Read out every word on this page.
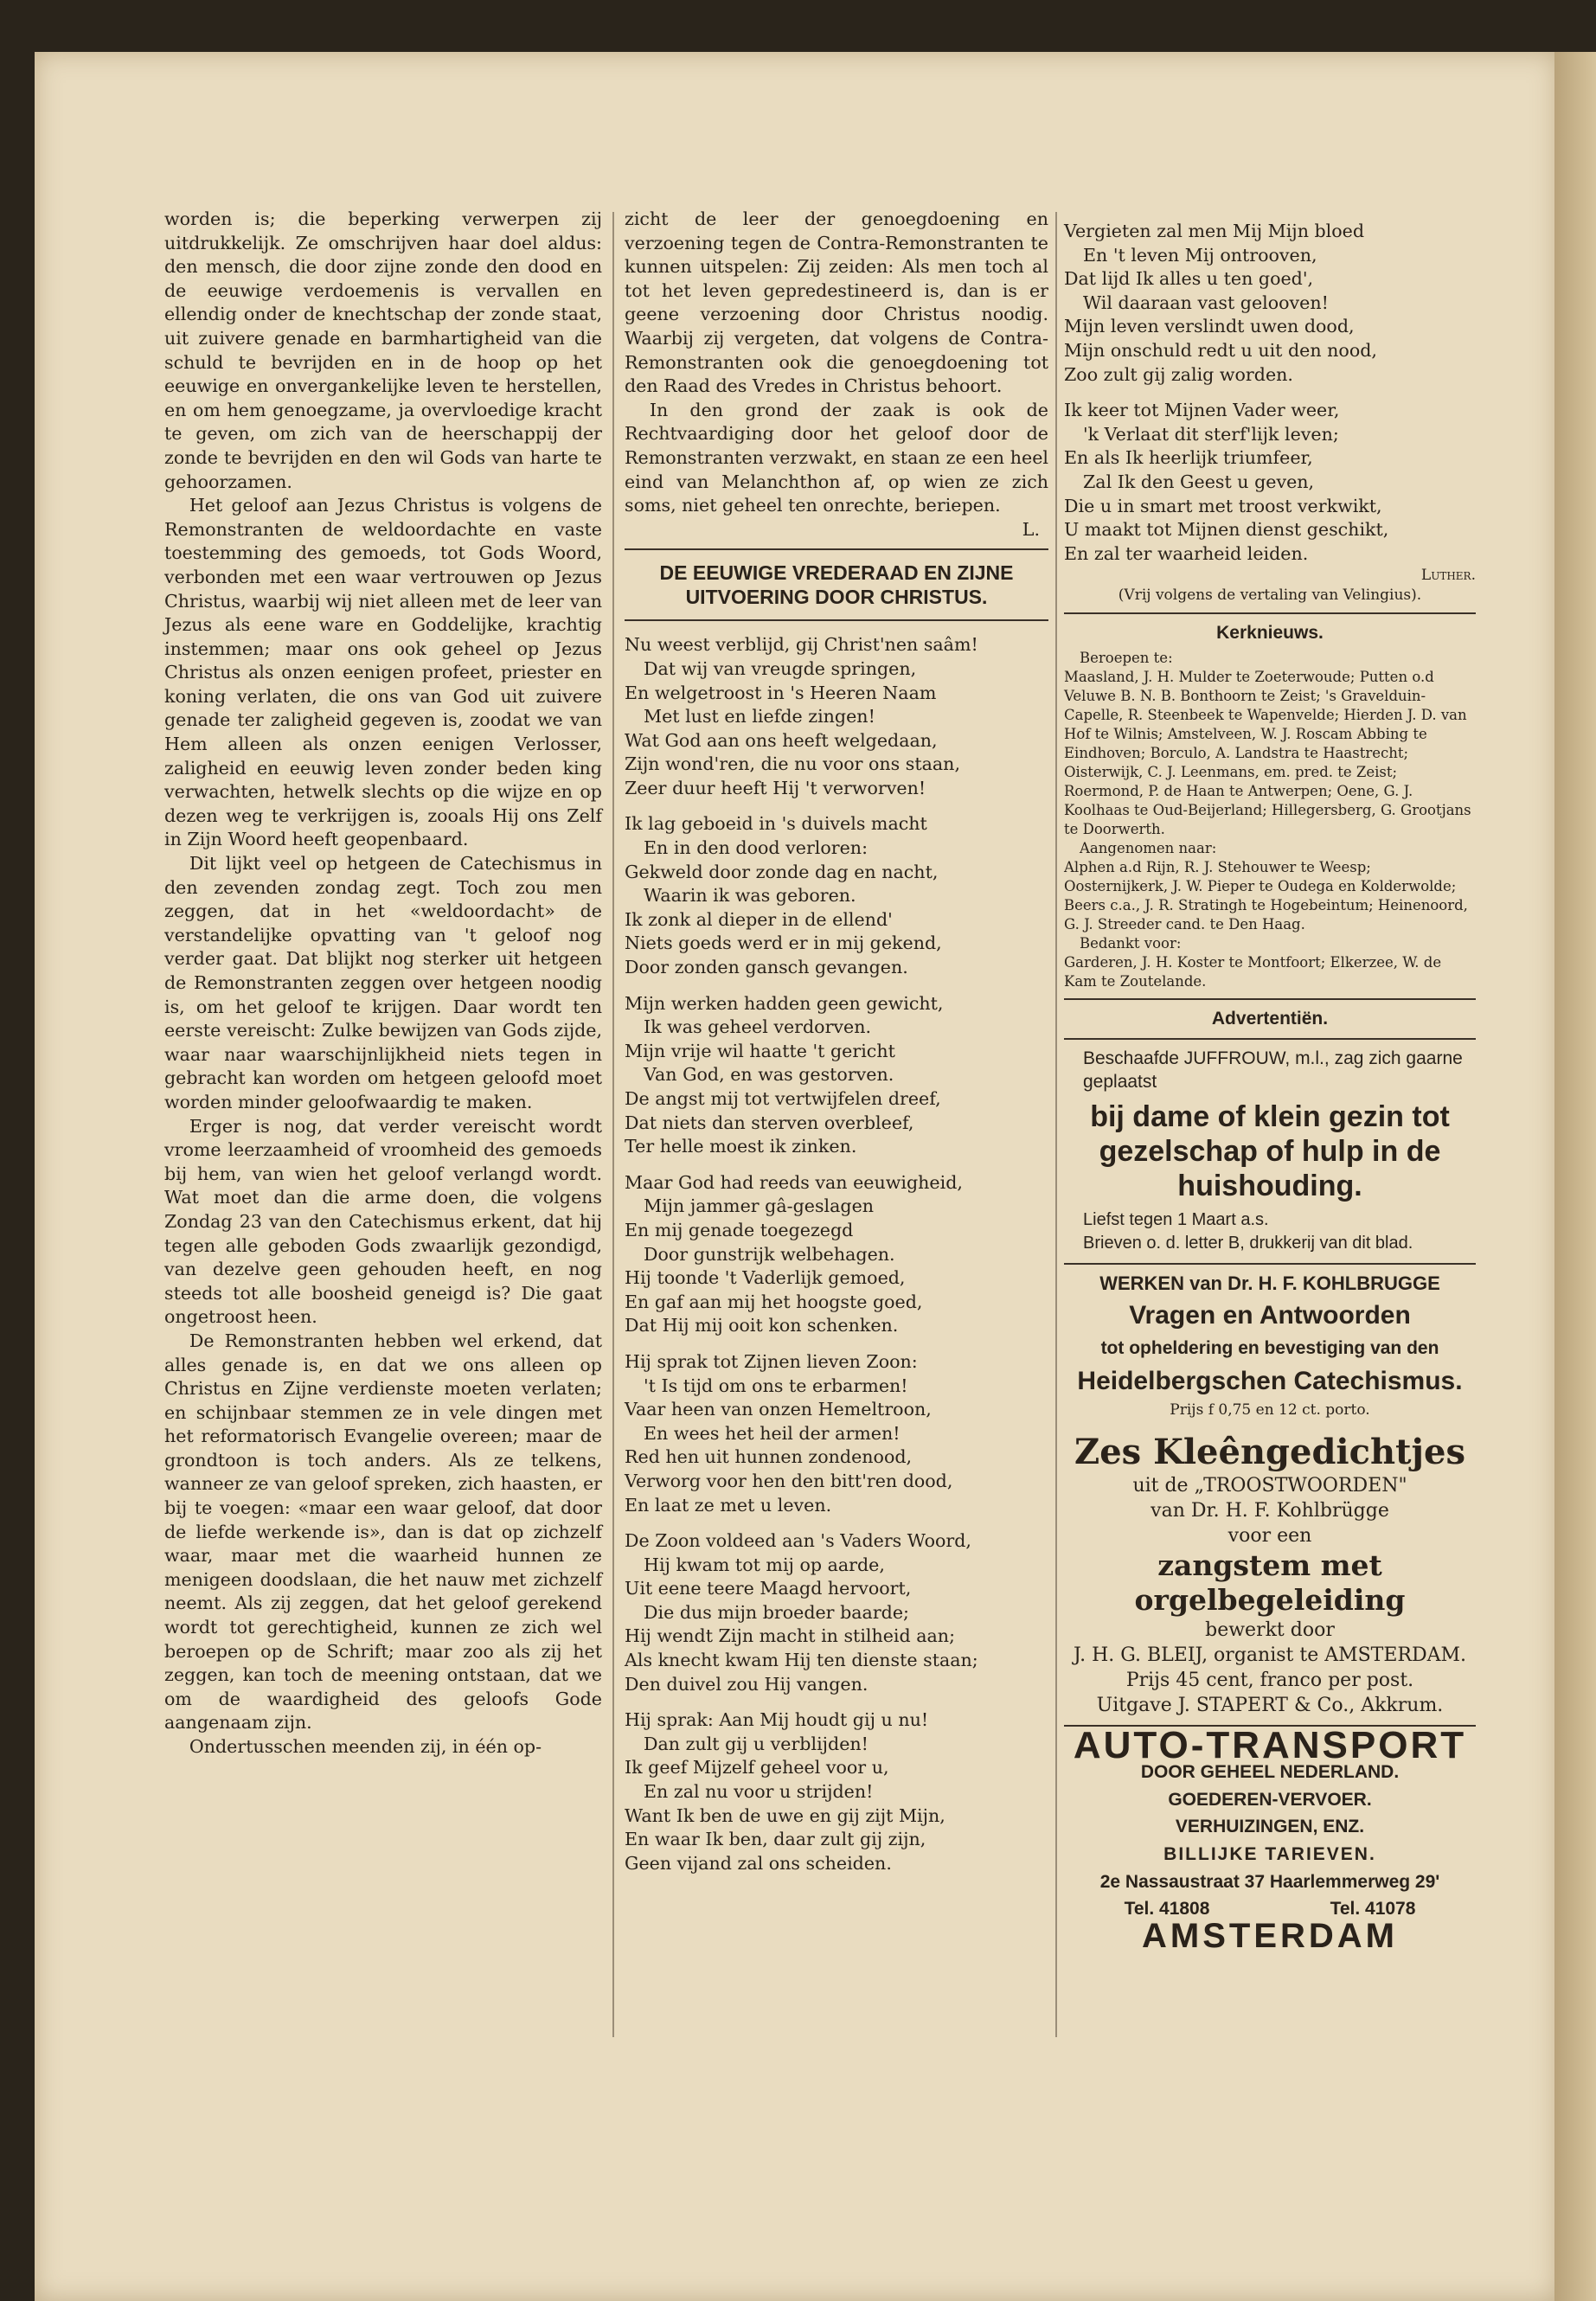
worden is; die beperking verwerpen zij uitdrukkelijk. Ze omschrijven haar doel aldus: den mensch, die door zijne zonde den dood en de eeuwige verdoemenis is vervallen en ellendig onder de knechtschap der zonde staat, uit zuivere genade en barmhartigheid van die schuld te bevrijden en in de hoop op het eeuwige en onvergankelijke leven te herstellen, en om hem genoegzame, ja overvloedige kracht te geven, om zich van de heerschappij der zonde te bevrijden en den wil Gods van harte te gehoorzamen.

Het geloof aan Jezus Christus is volgens de Remonstranten de weldoordachte en vaste toestemming des gemoeds, tot Gods Woord, verbonden met een waar vertrouwen op Jezus Christus, waarbij wij niet alleen met de leer van Jezus als eene ware en Goddelijke, krachtig instemmen; maar ons ook geheel op Jezus Christus als onzen eenigen profeet, priester en koning verlaten, die ons van God uit zuivere genade ter zaligheid gegeven is, zoodat we van Hem alleen als onzen eenigen Verlosser, zaligheid en eeuwig leven zonder beden king verwachten, hetwelk slechts op die wijze en op dezen weg te verkrijgen is, zooals Hij ons Zelf in Zijn Woord heeft geopenbaard.

Dit lijkt veel op hetgeen de Catechismus in den zevenden zondag zegt. Toch zou men zeggen, dat in het «weldoordacht» de verstandelijke opvatting van 't geloof nog verder gaat. Dat blijkt nog sterker uit hetgeen de Remonstranten zeggen over hetgeen noodig is, om het geloof te krijgen. Daar wordt ten eerste vereischt: Zulke bewijzen van Gods zijde, waar naar waarschijnlijkheid niets tegen in gebracht kan worden om hetgeen geloofd moet worden minder geloofwaardig te maken.

Erger is nog, dat verder vereischt wordt vrome leerzaamheid of vroomheid des gemoeds bij hem, van wien het geloof verlangd wordt. Wat moet dan die arme doen, die volgens Zondag 23 van den Catechismus erkent, dat hij tegen alle geboden Gods zwaarlijk gezondigd, van dezelve geen gehouden heeft, en nog steeds tot alle boosheid geneigd is? Die gaat ongetroost heen.

De Remonstranten hebben wel erkend, dat alles genade is, en dat we ons alleen op Christus en Zijne verdienste moeten verlaten; en schijnbaar stemmen ze in vele dingen met het reformatorisch Evangelie overeen; maar de grondtoon is toch anders. Als ze telkens, wanneer ze van geloof spreken, zich haasten, er bij te voegen: «maar een waar geloof, dat door de liefde werkende is», dan is dat op zichzelf waar, maar met die waarheid hunnen ze menigeen doodslaan, die het nauw met zichzelf neemt. Als zij zeggen, dat het geloof gerekend wordt tot gerechtigheid, kunnen ze zich wel beroepen op de Schrift; maar zoo als zij het zeggen, kan toch de meening ontstaan, dat we om de waardigheid des geloofs Gode aangenaam zijn.

Ondertusschen meenden zij, in één op-

zicht de leer der genoegdoening en verzoening tegen de Contra-Remonstranten te kunnen uitspelen: Zij zeiden: Als men toch al tot het leven gepredestineerd is, dan is er geene verzoening door Christus noodig. Waarbij zij vergeten, dat volgens de Contra-Remonstranten ook die genoegdoening tot den Raad des Vredes in Christus behoort.

In den grond der zaak is ook de Rechtvaardiging door het geloof door de Remonstranten verzwakt, en staan ze een heel eind van Melanchthon af, op wien ze zich soms, niet geheel ten onrechte, beriepen.

L.
DE EEUWIGE VREDERAAD EN ZIJNE UITVOERING DOOR CHRISTUS.
Nu weest verblijd, gij Christ'nen saâm!
Dat wij van vreugde springen,
En welgetroost in 's Heeren Naam
Met lust en liefde zingen!
Wat God aan ons heeft welgedaan,
Zijn wond'ren, die nu voor ons staan,
Zeer duur heeft Hij 't verworven!
Ik lag geboeid in 's duivels macht
En in den dood verloren:
Gekweld door zonde dag en nacht,
Waarin ik was geboren.
Ik zonk al dieper in de ellend'
Niets goeds werd er in mij gekend,
Door zonden gansch gevangen.
Mijn werken hadden geen gewicht,
Ik was geheel verdorven.
Mijn vrije wil haatte 't gericht
Van God, en was gestorven.
De angst mij tot vertwijfelen dreef,
Dat niets dan sterven overbleef,
Ter helle moest ik zinken.
Maar God had reeds van eeuwigheid,
Mijn jammer gâ-geslagen
En mij genade toegezegd
Door gunstrijk welbehagen.
Hij toonde 't Vaderlijk gemoed,
En gaf aan mij het hoogste goed,
Dat Hij mij ooit kon schenken.
Hij sprak tot Zijnen lieven Zoon:
't Is tijd om ons te erbarmen!
Vaar heen van onzen Hemeltroon,
En wees het heil der armen!
Red hen uit hunnen zondenood,
Verworg voor hen den bitt'ren dood,
En laat ze met u leven.
De Zoon voldeed aan 's Vaders Woord,
Hij kwam tot mij op aarde,
Uit eene teere Maagd hervoort,
Die dus mijn broeder baarde;
Hij wendt Zijn macht in stilheid aan;
Als knecht kwam Hij ten dienste staan;
Den duivel zou Hij vangen.
Hij sprak: Aan Mij houdt gij u nu!
Dan zult gij u verblijden!
Ik geef Mijzelf geheel voor u,
En zal nu voor u strijden!
Want Ik ben de uwe en gij zijt Mijn,
En waar Ik ben, daar zult gij zijn,
Geen vijand zal ons scheiden.
Vergieten zal men Mij Mijn bloed
En 't leven Mij ontrooven,
Dat lijd Ik alles u ten goed',
Wil daaraan vast gelooven!
Mijn leven verslindt uwen dood,
Mijn onschuld redt u uit den nood,
Zoo zult gij zalig worden.
Ik keer tot Mijnen Vader weer,
'k Verlaat dit sterf'lijk leven;
En als Ik heerlijk triumfeer,
Zal Ik den Geest u geven,
Die u in smart met troost verkwikt,
U maakt tot Mijnen dienst geschikt,
En zal ter waarheid leiden.
Luther.
(Vrij volgens de vertaling van Velingius).
Kerknieuws.
Beroepen te:
Maasland, J. H. Mulder te Zoeterwoude; Putten o.d Veluwe B. N. B. Bonthoorn te Zeist; 's Gravelduin-Capelle, R. Steenbeek te Wapenvelde; Hierden J. D. van Hof te Wilnis; Amstelveen, W. J. Roscam Abbing te Eindhoven; Borculo, A. Landstra te Haastrecht; Oisterwijk, C. J. Leenmans, em. pred. te Zeist; Roermond, P. de Haan te Antwerpen; Oene, G. J. Koolhaas te Oud-Beijerland; Hillegersberg, G. Grootjans te Doorwerth.
Aangenomen naar:
Alphen a.d Rijn, R. J. Stehouwer te Weesp; Oosternijkerk, J. W. Pieper te Oudega en Kolderwolde; Beers c.a., J. R. Stratingh te Hogebeintum; Heinenoord, G. J. Streeder cand. te Den Haag.
Bedankt voor:
Garderen, J. H. Koster te Montfoort; Elkerzee, W. de Kam te Zoutelande.
Advertentiën.
Beschaafde JUFFROUW, m.l., zag zich gaarne geplaatst
bij dame of klein gezin tot gezelschap of hulp in de huishouding.
Liefst tegen 1 Maart a.s.
Brieven o. d. letter B, drukkerij van dit blad.
WERKEN van Dr. H. F. KOHLBRUGGE
Vragen en Antwoorden
tot opheldering en bevestiging van den
Heidelbergschen Catechismus.
Prijs f 0,75 en 12 ct. porto.
Zes Kleêngedichtjes
uit de „TROOSTWOORDEN"
van Dr. H. F. Kohlbrügge
voor een
zangstem met orgelbegeleiding
bewerkt door
J. H. G. BLEIJ, organist te AMSTERDAM.
Prijs 45 cent, franco per post.
Uitgave J. STAPERT & Co., Akkrum.
AUTO-TRANSPORT
DOOR GEHEEL NEDERLAND.
GOEDEREN-VERVOER.
VERHUIZINGEN, ENZ.
BILLIJKE TARIEVEN.
2e Nassaustraat 37 Haarlemmerweg 29'
Tel. 41808	Tel. 41078
AMSTERDAM
